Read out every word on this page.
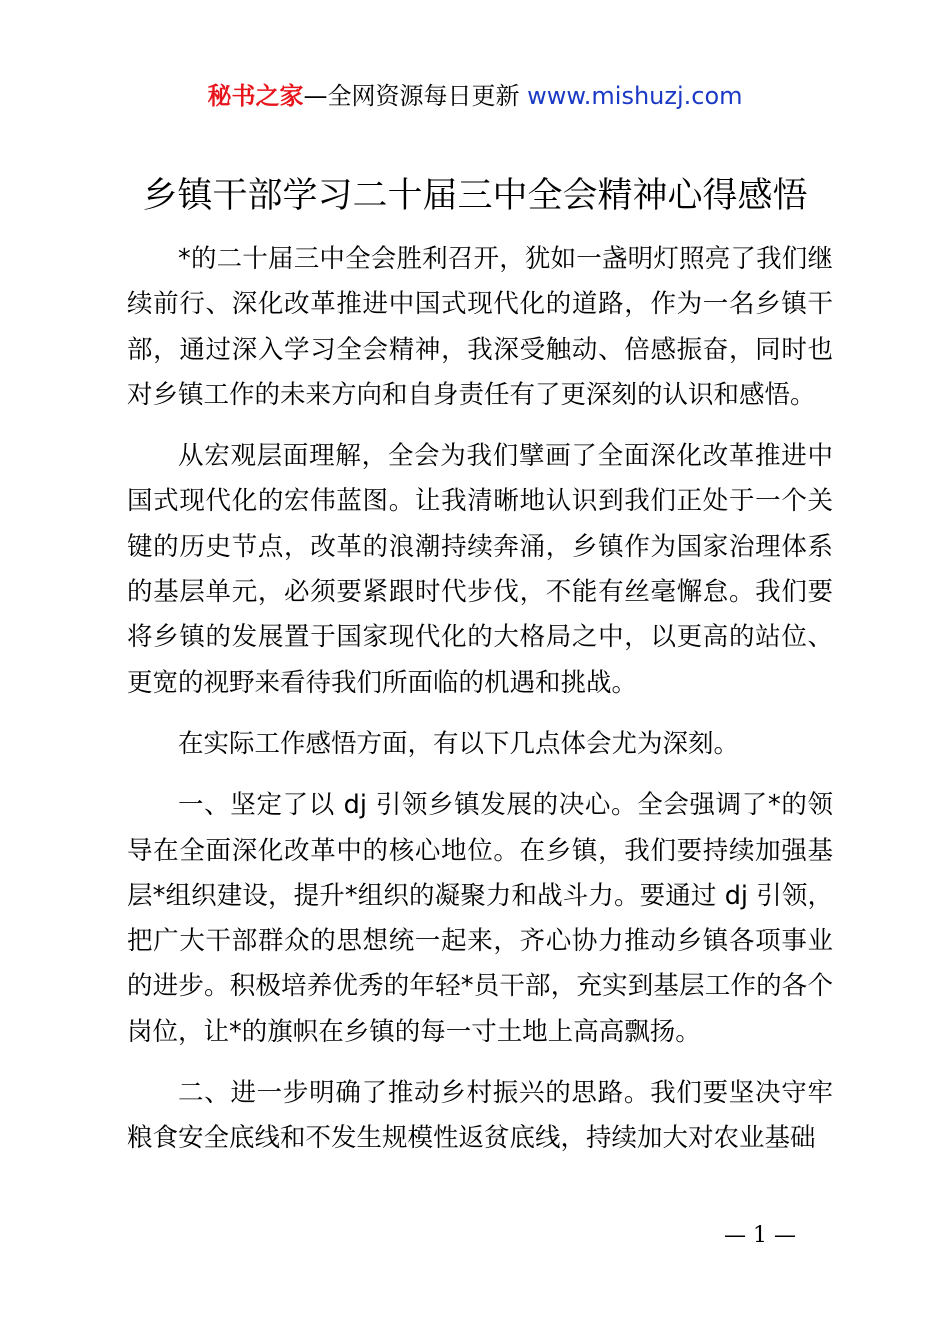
秘书之家—全网资源每日更新 www.mishuzj.com
乡镇干部学习二十届三中全会精神心得感悟

*的二十届三中全会胜利召开，犹如一盏明灯照亮了我们继续前行、深化改革推进中国式现代化的道路，作为一名乡镇干部，通过深入学习全会精神，我深受触动、倍感振奋，同时也对乡镇工作的未来方向和自身责任有了更深刻的认识和感悟。

从宏观层面理解，全会为我们擘画了全面深化改革推进中国式现代化的宏伟蓝图。让我清晰地认识到我们正处于一个关键的历史节点，改革的浪潮持续奔涌，乡镇作为国家治理体系的基层单元，必须要紧跟时代步伐，不能有丝毫懈怠。我们要将乡镇的发展置于国家现代化的大格局之中，以更高的站位、更宽的视野来看待我们所面临的机遇和挑战。

在实际工作感悟方面，有以下几点体会尤为深刻。

一、坚定了以 dj 引领乡镇发展的决心。全会强调了*的领导在全面深化改革中的核心地位。在乡镇，我们要持续加强基层*组织建设，提升*组织的凝聚力和战斗力。要通过 dj 引领，把广大干部群众的思想统一起来，齐心协力推动乡镇各项事业的进步。积极培养优秀的年轻*员干部，充实到基层工作的各个岗位，让*的旗帜在乡镇的每一寸土地上高高飘扬。

二、进一步明确了推动乡村振兴的思路。我们要坚决守牢粮食安全底线和不发生规模性返贫底线，持续加大对农业基础

— 1 —
